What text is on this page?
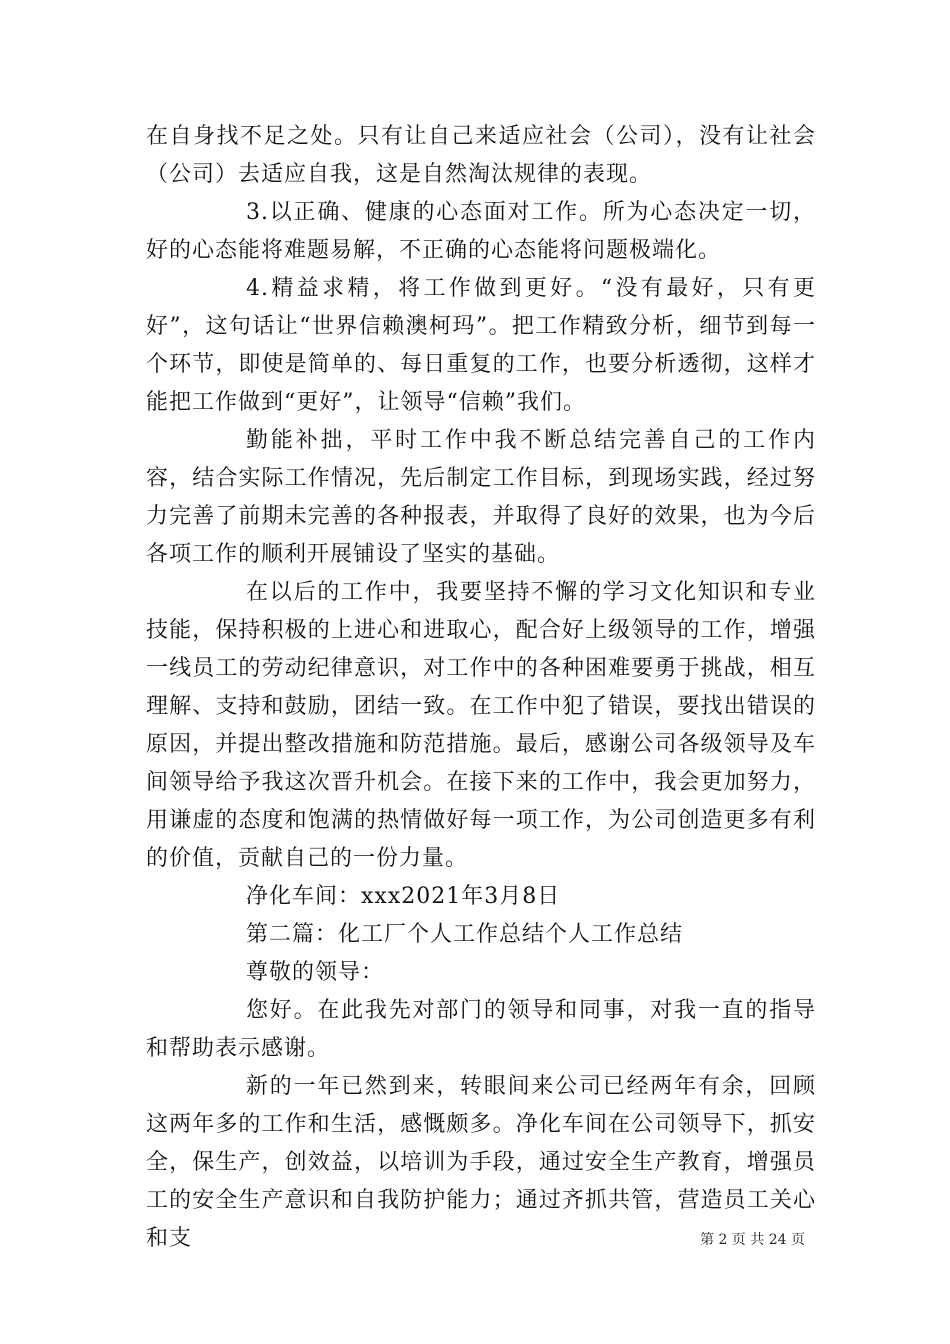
在自身找不足之处。只有让自己来适应社会（公司），没有让社会（公司）去适应自我，这是自然淘汰规律的表现。

3.以正确、健康的心态面对工作。所为心态决定一切，好的心态能将难题易解，不正确的心态能将问题极端化。

4.精益求精，将工作做到更好。“没有最好，只有更好”，这句话让“世界信赖澳柯玛”。把工作精致分析，细节到每一个环节，即使是简单的、每日重复的工作，也要分析透彻，这样才能把工作做到“更好”，让领导“信赖”我们。

勤能补拙，平时工作中我不断总结完善自己的工作内容，结合实际工作情况，先后制定工作目标，到现场实践，经过努力完善了前期未完善的各种报表，并取得了良好的效果，也为今后各项工作的顺利开展铺设了坚实的基础。

在以后的工作中，我要坚持不懈的学习文化知识和专业技能，保持积极的上进心和进取心，配合好上级领导的工作，增强一线员工的劳动纪律意识，对工作中的各种困难要勇于挑战，相互理解、支持和鼓励，团结一致。在工作中犯了错误，要找出错误的原因，并提出整改措施和防范措施。最后，感谢公司各级领导及车间领导给予我这次晋升机会。在接下来的工作中，我会更加努力，用谦虚的态度和饱满的热情做好每一项工作，为公司创造更多有利的价值，贡献自己的一份力量。

净化车间：xxx2021年3月8日

第二篇：化工厂个人工作总结个人工作总结

尊敬的领导：

您好。在此我先对部门的领导和同事，对我一直的指导和帮助表示感谢。

新的一年已然到来，转眼间来公司已经两年有余，回顾这两年多的工作和生活，感慨颇多。净化车间在公司领导下，抓安全，保生产，创效益，以培训为手段，通过安全生产教育，增强员工的安全生产意识和自我防护能力；通过齐抓共管，营造员工关心和支	第 2 页 共 24 页
